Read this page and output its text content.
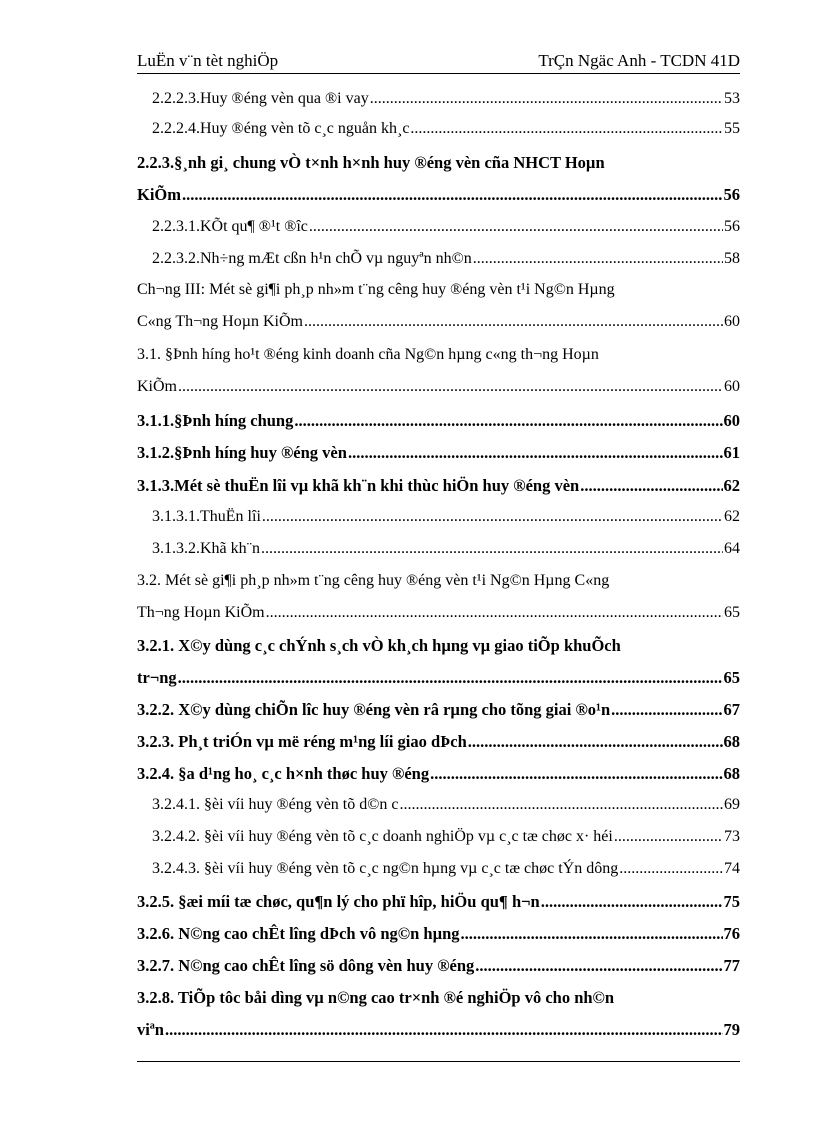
LuËn v¨n tèt nghiÖp	TrÇn Ngäc Anh - TCDN 41D
2.2.2.3.Huy ®éng vèn qua ®i vay .....	53
2.2.2.4.Huy ®éng vèn tõ c¸c nguån kh¸c .....	55
2.2.3.§¸nh gi¸ chung vÒ t×nh h×nh huy ®éng vèn cña NHCT Hoµn
KiÕm .....	56
2.2.3.1.KÕt qu¶ ®¹t ®îc .....	56
2.2.3.2.Nh÷ng mÆt cßn h¹n chÕ vµ nguyªn nh©n .....	58
Ch¬ng III: Mét sè gi¶i ph¸p nh»m t¨ng cêng huy ®éng vèn t¹i Ng©n Hµng
C«ng Th¬ng Hoµn KiÕm .....	60
3.1. §Þnh híng ho¹t ®éng kinh doanh cña Ng©n hµng c«ng th¬ng Hoµn
KiÕm .....	60
3.1.1.§Þnh híng chung .....	60
3.1.2.§Þnh híng huy ®éng vèn .....	61
3.1.3.Mét sè thuËn lîi vµ khã kh¨n khi thùc hiÖn huy ®éng vèn .....	62
3.1.3.1.ThuËn lîi .....	62
3.1.3.2.Khã kh¨n .....	64
3.2. Mét sè gi¶i ph¸p nh»m t¨ng cêng huy ®éng vèn t¹i Ng©n Hµng C«ng
Th¬ng Hoµn KiÕm .....	65
3.2.1. X©y dùng c¸c chÝnh s¸ch vÒ kh¸ch hµng vµ giao tiÕp khuÕch
tr¬ng .....	65
3.2.2. X©y dùng chiÕn lîc huy ®éng vèn râ rµng cho tõng giai ®o¹n .....	67
3.2.3. Ph¸t triÓn vµ më réng m¹ng líi giao dÞch .....	68
3.2.4. §a d¹ng ho¸ c¸c h×nh thøc huy ®éng .....	68
3.2.4.1. §èi víi huy ®éng vèn tõ d©n c .....	69
3.2.4.2. §èi víi huy ®éng vèn tõ c¸c doanh nghiÖp vµ c¸c tæ chøc x· héi .....	73
3.2.4.3. §èi víi huy ®éng vèn tõ c¸c ng©n hµng vµ c¸c tæ chøc tÝn dông .....	74
3.2.5. §æi míi tæ chøc, qu¶n lý cho phï hîp, hiÖu qu¶ h¬n .....	75
3.2.6. N©ng cao chÊt lîng dÞch vô ng©n hµng .....	76
3.2.7. N©ng cao chÊt lîng sö dông vèn huy ®éng .....	77
3.2.8. TiÕp tôc båi dìng vµ n©ng cao tr×nh ®é nghiÖp vô cho nh©n
viªn .....	79
